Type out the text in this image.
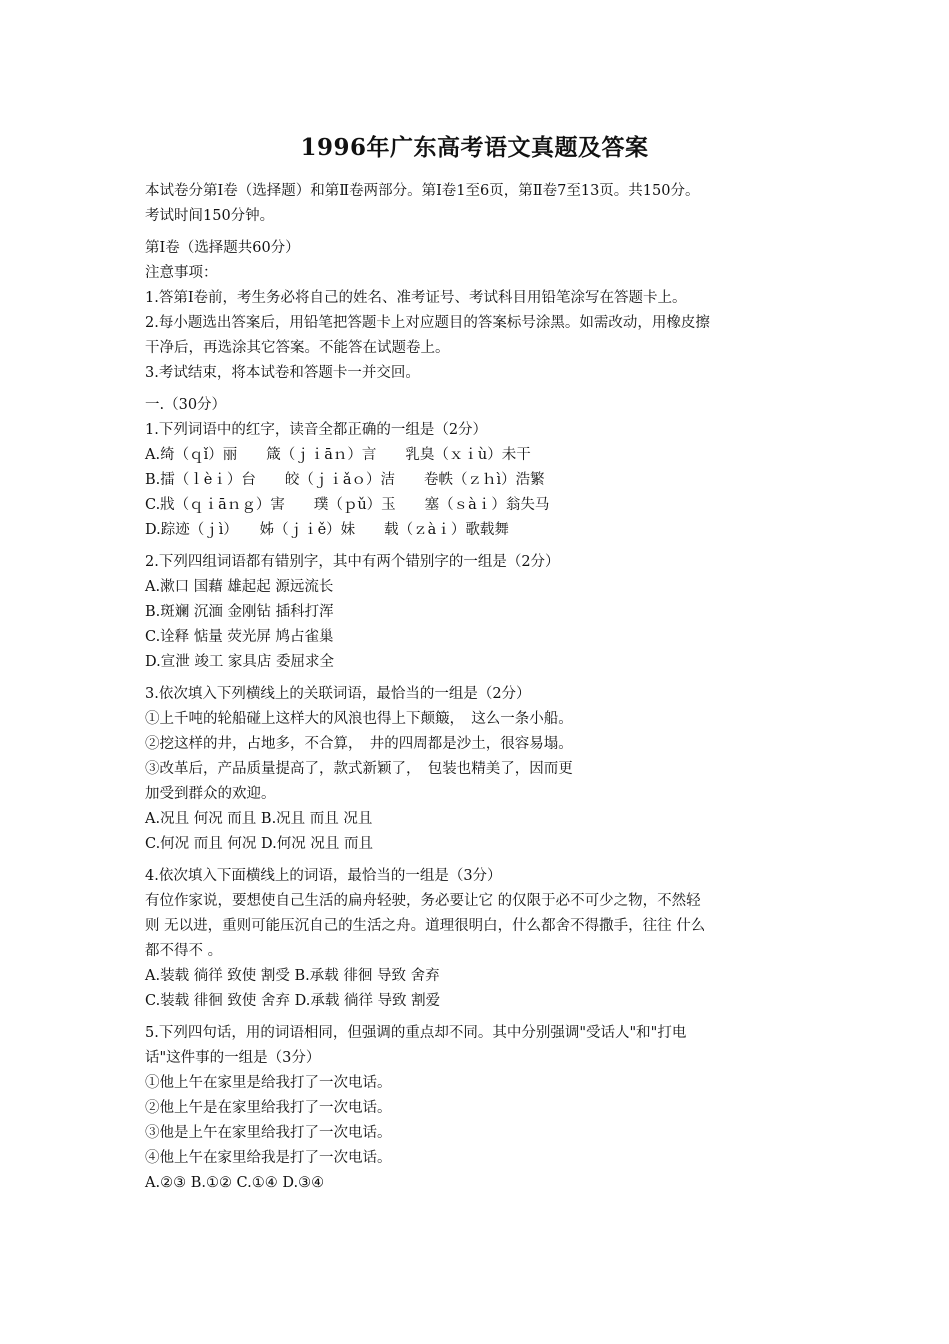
1996年广东高考语文真题及答案
本试卷分第Ⅰ卷（选择题）和第Ⅱ卷两部分。第Ⅰ卷1至6页，第Ⅱ卷7至13页。共150分。
考试时间150分钟。
第Ⅰ卷（选择题共60分）
注意事项：
1.答第Ⅰ卷前，考生务必将自己的姓名、准考证号、考试科目用铅笔涂写在答题卡上。
2.每小题选出答案后，用铅笔把答题卡上对应题目的答案标号涂黑。如需改动，用橡皮擦
干净后，再选涂其它答案。不能答在试题卷上。
3.考试结束，将本试卷和答题卡一并交回。
一.（30分）
1.下列词语中的红字，读音全都正确的一组是（2分）
A.绮（ｑǐ）丽　　箴（ｊｉāｎ）言　　乳臭（ｘｉù）未干
B.擂（ｌèｉ）台　　皎（ｊｉǎｏ）洁　　卷帙（ｚｈì）浩繁
C.戕（ｑｉāｎｇ）害　　璞（ｐǔ）玉　　塞（ｓàｉ）翁失马
D.踪迹（ｊì）　　姊（ｊｉě）妹　　载（ｚàｉ）歌载舞
2.下列四组词语都有错别字，其中有两个错别字的一组是（2分）
A.漱口 国藉 雄起起 源远流长
B.斑斓 沉湎 金刚钻 插科打浑
C.诠释 惦量 荧光屏 鸠占雀巢
D.宣泄 竣工 家具店 委屈求全
3.依次填入下列横线上的关联词语，最恰当的一组是（2分）
①上千吨的轮船碰上这样大的风浪也得上下颠簸，　这么一条小船。
②挖这样的井，占地多，不合算，　井的四周都是沙土，很容易塌。
③改革后，产品质量提高了，款式新颖了，　包装也精美了，因而更
加受到群众的欢迎。
A.况且 何况 而且 B.况且 而且 况且
C.何况 而且 何况 D.何况 况且 而且
4.依次填入下面横线上的词语，最恰当的一组是（3分）
有位作家说，要想使自己生活的扁舟轻驶，务必要让它 的仅限于必不可少之物，不然轻
则 无以进，重则可能压沉自己的生活之舟。道理很明白，什么都舍不得撒手，往往 什么
都不得不 。
A.装载 徜徉 致使 割受 B.承载 徘徊 导致 舍弃
C.装载 徘徊 致使 舍弃 D.承载 徜徉 导致 割爱
5.下列四句话，用的词语相同，但强调的重点却不同。其中分别强调"受话人"和"打电
话"这件事的一组是（3分）
①他上午在家里是给我打了一次电话。
②他上午是在家里给我打了一次电话。
③他是上午在家里给我打了一次电话。
④他上午在家里给我是打了一次电话。
A.②③ B.①② C.①④ D.③④
